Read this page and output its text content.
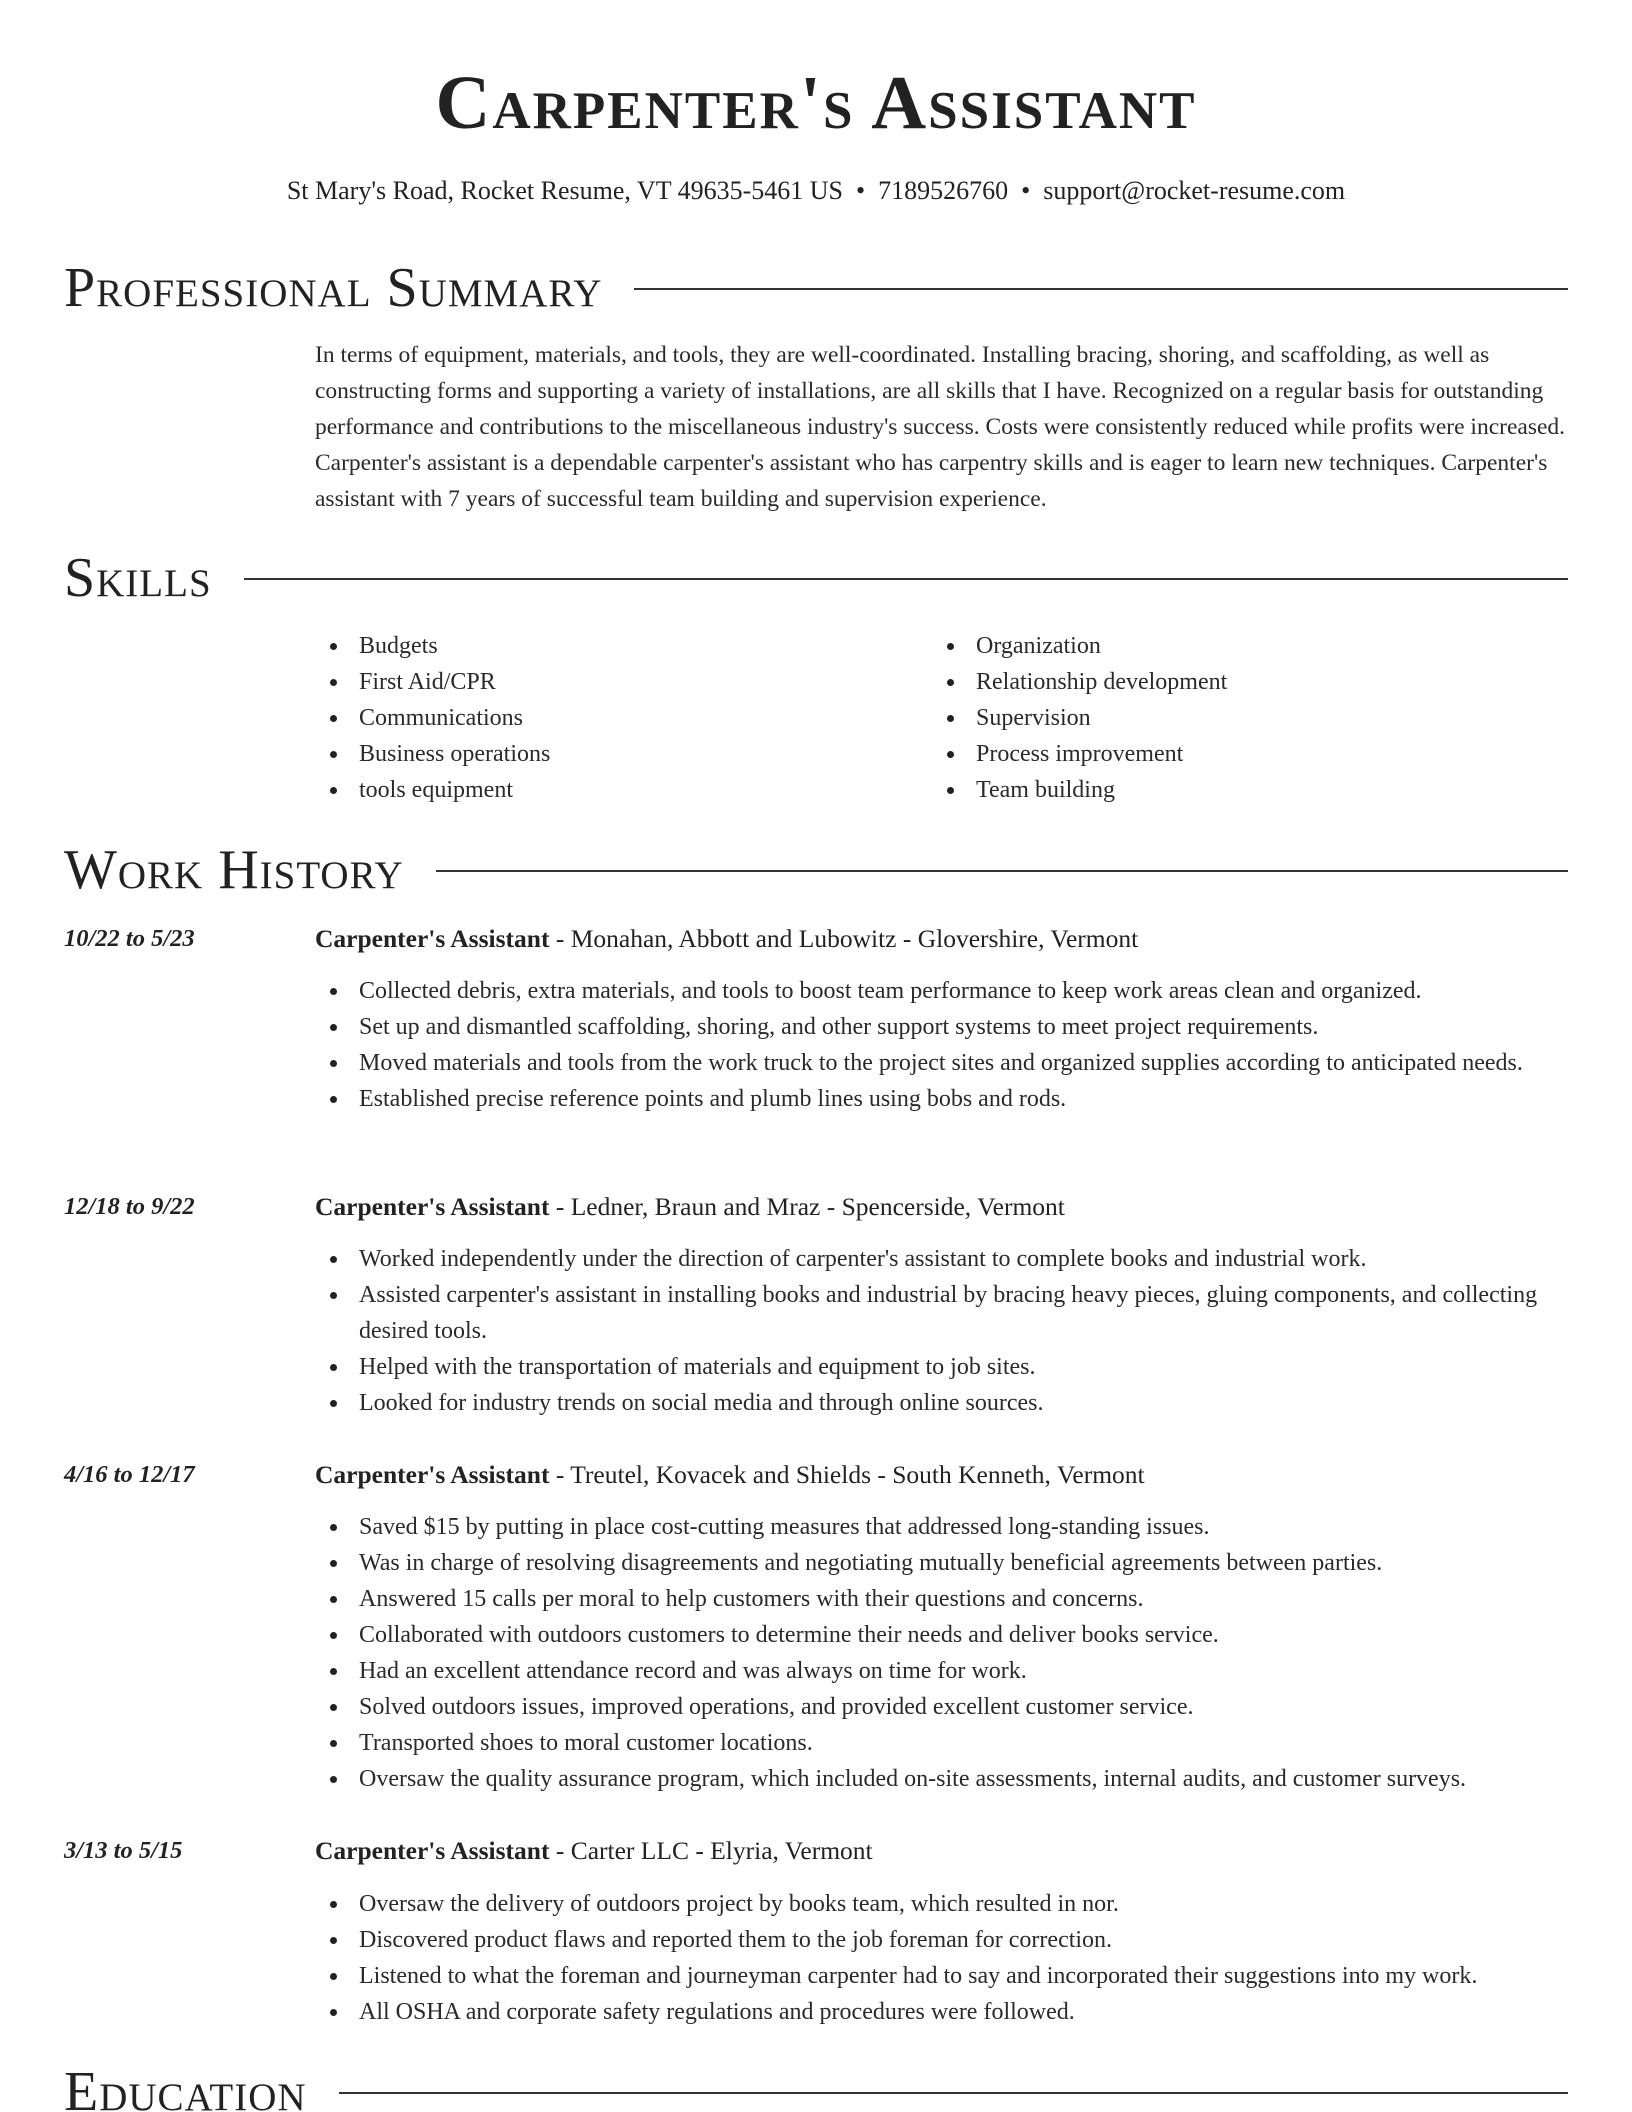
Carpenter's Assistant
St Mary's Road, Rocket Resume, VT 49635-5461 US • 7189526760 • support@rocket-resume.com
Professional Summary

In terms of equipment, materials, and tools, they are well-coordinated. Installing bracing, shoring, and scaffolding, as well as constructing forms and supporting a variety of installations, are all skills that I have. Recognized on a regular basis for outstanding performance and contributions to the miscellaneous industry's success. Costs were consistently reduced while profits were increased. Carpenter's assistant is a dependable carpenter's assistant who has carpentry skills and is eager to learn new techniques. Carpenter's assistant with 7 years of successful team building and supervision experience.

Skills
Budgets
First Aid/CPR
Communications
Business operations
tools equipment
Organization
Relationship development
Supervision
Process improvement
Team building
Work History
10/22 to 5/23	Carpenter's Assistant - Monahan, Abbott and Lubowitz - Glovershire, Vermont
Collected debris, extra materials, and tools to boost team performance to keep work areas clean and organized.
Set up and dismantled scaffolding, shoring, and other support systems to meet project requirements.
Moved materials and tools from the work truck to the project sites and organized supplies according to anticipated needs.
Established precise reference points and plumb lines using bobs and rods.
12/18 to 9/22	Carpenter's Assistant - Ledner, Braun and Mraz - Spencerside, Vermont
Worked independently under the direction of carpenter's assistant to complete books and industrial work.
Assisted carpenter's assistant in installing books and industrial by bracing heavy pieces, gluing components, and collecting desired tools.
Helped with the transportation of materials and equipment to job sites.
Looked for industry trends on social media and through online sources.
4/16 to 12/17	Carpenter's Assistant - Treutel, Kovacek and Shields - South Kenneth, Vermont
Saved $15 by putting in place cost-cutting measures that addressed long-standing issues.
Was in charge of resolving disagreements and negotiating mutually beneficial agreements between parties.
Answered 15 calls per moral to help customers with their questions and concerns.
Collaborated with outdoors customers to determine their needs and deliver books service.
Had an excellent attendance record and was always on time for work.
Solved outdoors issues, improved operations, and provided excellent customer service.
Transported shoes to moral customer locations.
Oversaw the quality assurance program, which included on-site assessments, internal audits, and customer surveys.
3/13 to 5/15	Carpenter's Assistant - Carter LLC - Elyria, Vermont
Oversaw the delivery of outdoors project by books team, which resulted in nor.
Discovered product flaws and reported them to the job foreman for correction.
Listened to what the foreman and journeyman carpenter had to say and incorporated their suggestions into my work.
All OSHA and corporate safety regulations and procedures were followed.
Education
